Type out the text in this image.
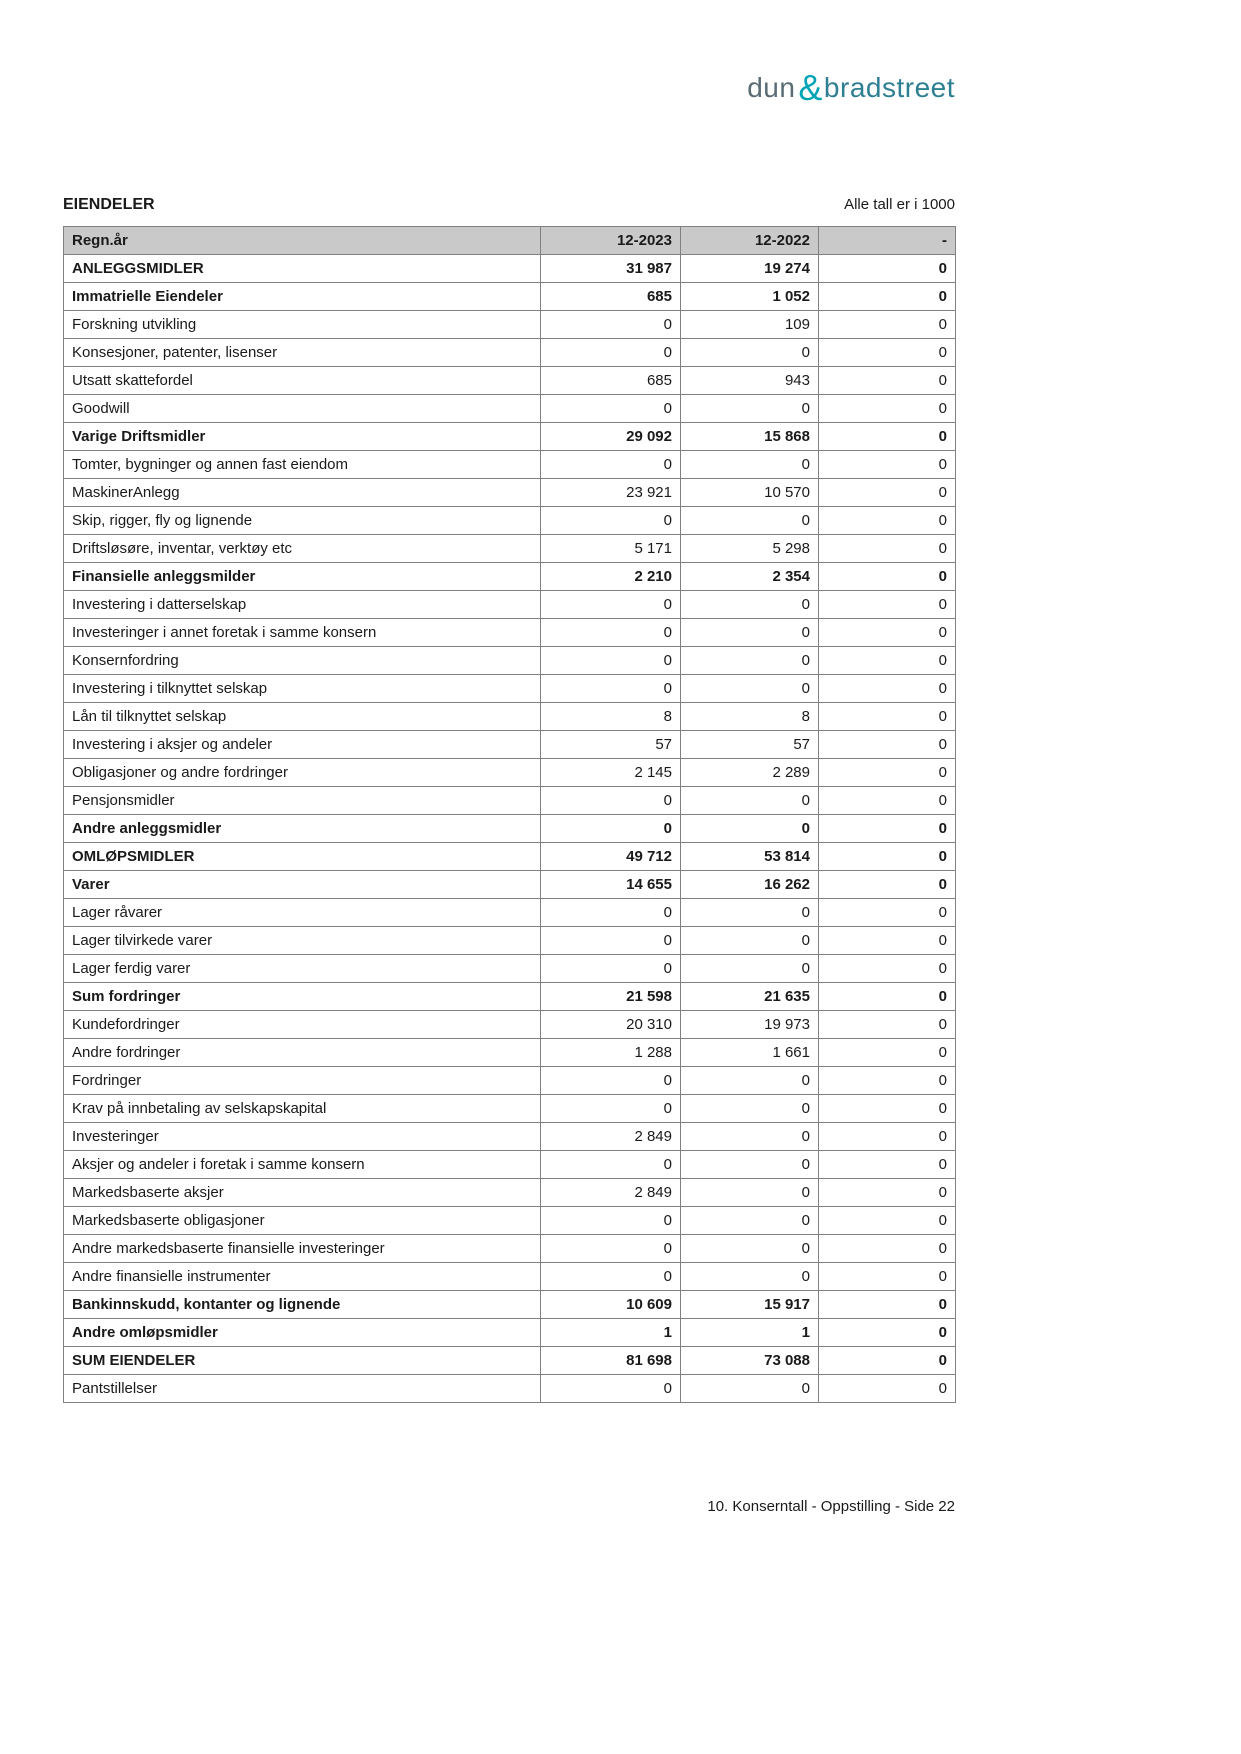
dun&bradstreet
EIENDELER	Alle tall er i 1000
Regn.år	12-2023	12-2022	-
ANLEGGSMIDLER	31 987	19 274	0
Immatrielle Eiendeler	685	1 052	0
Forskning utvikling	0	109	0
Konsesjoner, patenter, lisenser	0	0	0
Utsatt skattefordel	685	943	0
Goodwill	0	0	0
Varige Driftsmidler	29 092	15 868	0
Tomter, bygninger og annen fast eiendom	0	0	0
MaskinerAnlegg	23 921	10 570	0
Skip, rigger, fly og lignende	0	0	0
Driftsløsøre, inventar, verktøy etc	5 171	5 298	0
Finansielle anleggsmilder	2 210	2 354	0
Investering i datterselskap	0	0	0
Investeringer i annet foretak i samme konsern	0	0	0
Konsernfordring	0	0	0
Investering i tilknyttet selskap	0	0	0
Lån til tilknyttet selskap	8	8	0
Investering i aksjer og andeler	57	57	0
Obligasjoner og andre fordringer	2 145	2 289	0
Pensjonsmidler	0	0	0
Andre anleggsmidler	0	0	0
OMLØPSMIDLER	49 712	53 814	0
Varer	14 655	16 262	0
Lager råvarer	0	0	0
Lager tilvirkede varer	0	0	0
Lager ferdig varer	0	0	0
Sum fordringer	21 598	21 635	0
Kundefordringer	20 310	19 973	0
Andre fordringer	1 288	1 661	0
Fordringer	0	0	0
Krav på innbetaling av selskapskapital	0	0	0
Investeringer	2 849	0	0
Aksjer og andeler i foretak i samme konsern	0	0	0
Markedsbaserte aksjer	2 849	0	0
Markedsbaserte obligasjoner	0	0	0
Andre markedsbaserte finansielle investeringer	0	0	0
Andre finansielle instrumenter	0	0	0
Bankinnskudd, kontanter og lignende	10 609	15 917	0
Andre omløpsmidler	1	1	0
SUM EIENDELER	81 698	73 088	0
Pantstillelser	0	0	0
10. Konserntall - Oppstilling - Side 22
